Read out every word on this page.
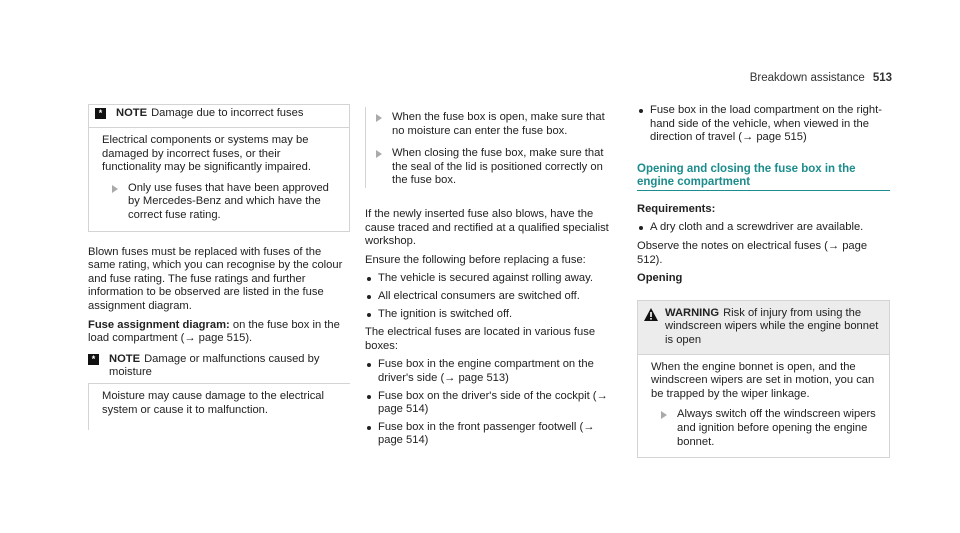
Breakdown assistance 513
*	NOTE Damage due to incorrect fuses

Electrical components or systems may be damaged by incorrect fuses, or their functionality may be significantly impaired.

Only use fuses that have been approved by Mercedes-Benz and which have the correct fuse rating.

Blown fuses must be replaced with fuses of the same rating, which you can recognise by the colour and fuse rating. The fuse ratings and further information to be observed are listed in the fuse assignment diagram.

Fuse assignment diagram: on the fuse box in the load compartment (→ page 515).

*	NOTE Damage or malfunctions caused by moisture

Moisture may cause damage to the electrical system or cause it to malfunction.

When the fuse box is open, make sure that no moisture can enter the fuse box.
When closing the fuse box, make sure that the seal of the lid is positioned correctly on the fuse box.

If the newly inserted fuse also blows, have the cause traced and rectified at a qualified specialist workshop.

Ensure the following before replacing a fuse:

The vehicle is secured against rolling away.
All electrical consumers are switched off.
The ignition is switched off.

The electrical fuses are located in various fuse boxes:

Fuse box in the engine compartment on the driver's side (→ page 513)
Fuse box on the driver's side of the cockpit (→ page 514)
Fuse box in the front passenger footwell (→ page 514)
Fuse box in the load compartment on the right-hand side of the vehicle, when viewed in the direction of travel (→ page 515)
Opening and closing the fuse box in the engine compartment

Requirements:

A dry cloth and a screwdriver are available.

Observe the notes on electrical fuses (→ page 512).

Opening

WARNING Risk of injury from using the windscreen wipers while the engine bonnet is open

When the engine bonnet is open, and the windscreen wipers are set in motion, you can be trapped by the wiper linkage.

Always switch off the windscreen wipers and ignition before opening the engine bonnet.
